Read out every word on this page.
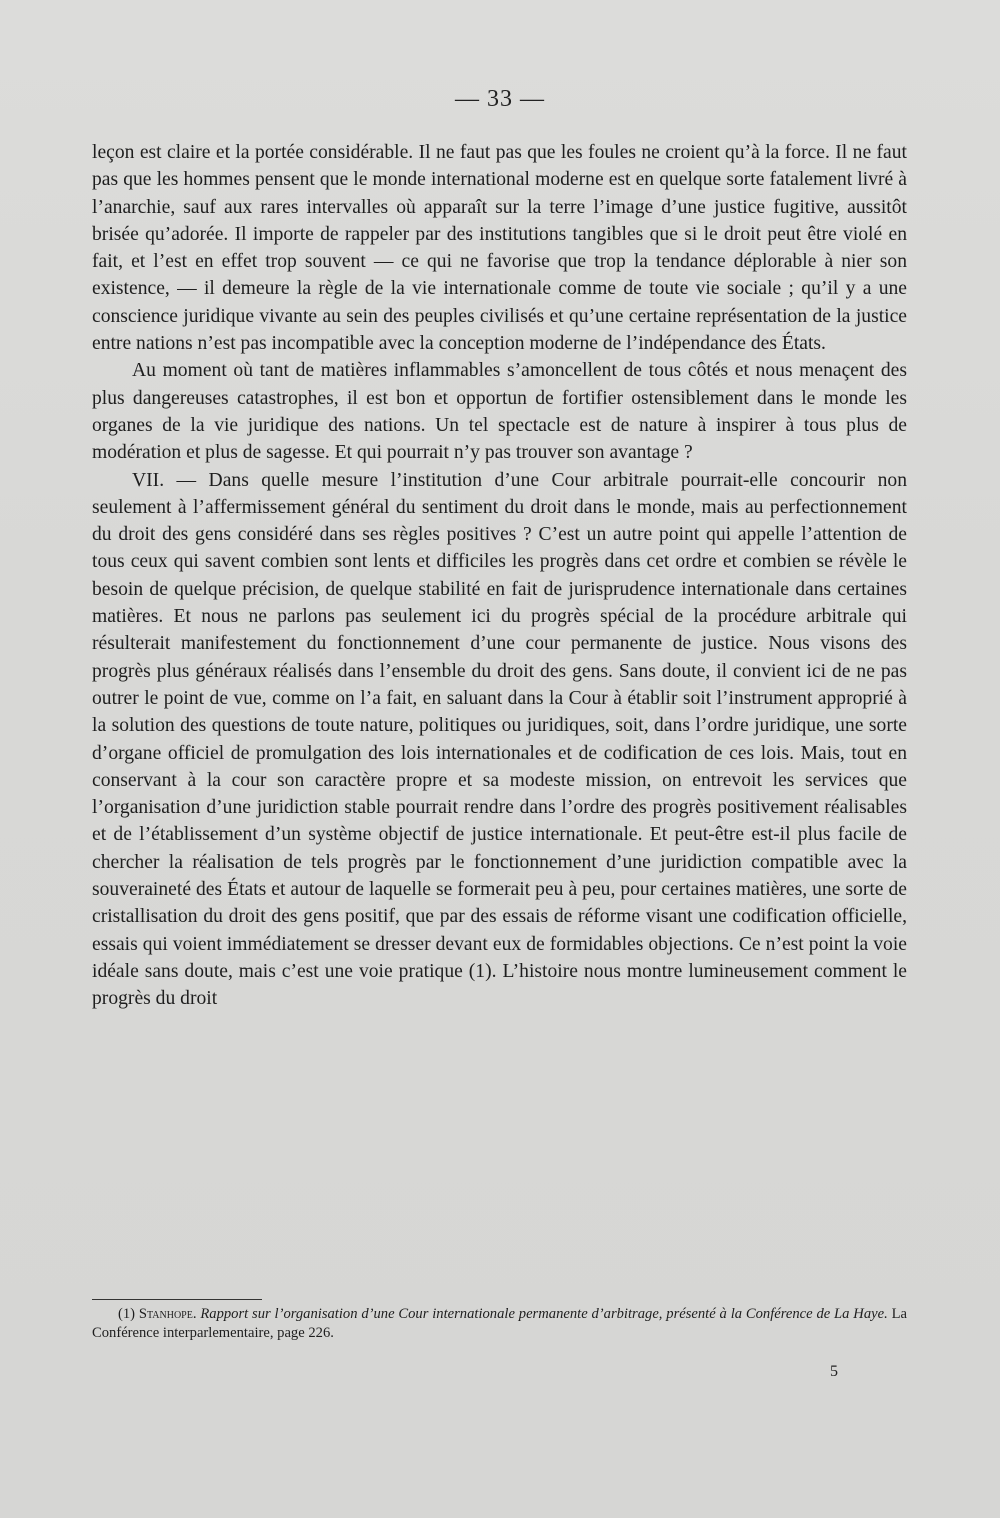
— 33 —

leçon est claire et la portée considérable. Il ne faut pas que les foules ne croient qu’à la force. Il ne faut pas que les hommes pensent que le monde international moderne est en quelque sorte fatalement livré à l’anarchie, sauf aux rares intervalles où apparaît sur la terre l’image d’une justice fugitive, aussitôt brisée qu’adorée. Il importe de rappeler par des institutions tangibles que si le droit peut être violé en fait, et l’est en effet trop souvent — ce qui ne favorise que trop la tendance déplorable à nier son existence, — il demeure la règle de la vie internationale comme de toute vie sociale ; qu’il y a une conscience juridique vivante au sein des peuples civilisés et qu’une certaine représentation de la justice entre nations n’est pas incompatible avec la conception moderne de l’indépendance des États.

Au moment où tant de matières inflammables s’amoncellent de tous côtés et nous menaçent des plus dangereuses catastrophes, il est bon et opportun de fortifier ostensiblement dans le monde les organes de la vie juridique des nations. Un tel spectacle est de nature à inspirer à tous plus de modération et plus de sagesse. Et qui pourrait n’y pas trouver son avantage ?

VII. — Dans quelle mesure l’institution d’une Cour arbitrale pourrait-elle concourir non seulement à l’affermissement général du sentiment du droit dans le monde, mais au perfectionnement du droit des gens considéré dans ses règles positives ? C’est un autre point qui appelle l’attention de tous ceux qui savent combien sont lents et difficiles les progrès dans cet ordre et combien se révèle le besoin de quelque précision, de quelque stabilité en fait de jurisprudence internationale dans certaines matières. Et nous ne parlons pas seulement ici du progrès spécial de la procédure arbitrale qui résulterait manifestement du fonctionnement d’une cour permanente de justice. Nous visons des progrès plus généraux réalisés dans l’ensemble du droit des gens. Sans doute, il convient ici de ne pas outrer le point de vue, comme on l’a fait, en saluant dans la Cour à établir soit l’instrument approprié à la solution des questions de toute nature, politiques ou juridiques, soit, dans l’ordre juridique, une sorte d’organe officiel de promulgation des lois internationales et de codification de ces lois. Mais, tout en conservant à la cour son caractère propre et sa modeste mission, on entrevoit les services que l’organisation d’une juridiction stable pourrait rendre dans l’ordre des progrès positivement réalisables et de l’établissement d’un système objectif de justice internationale. Et peut-être est-il plus facile de chercher la réalisation de tels progrès par le fonctionnement d’une juridiction compatible avec la souveraineté des États et autour de laquelle se formerait peu à peu, pour certaines matières, une sorte de cristallisation du droit des gens positif, que par des essais de réforme visant une codification officielle, essais qui voient immédiatement se dresser devant eux de formidables objections. Ce n’est point la voie idéale sans doute, mais c’est une voie pratique (1). L’histoire nous montre lumineusement comment le progrès du droit

(1) Stanhope. Rapport sur l’organisation d’une Cour internationale permanente d’arbitrage, présenté à la Conférence de La Haye. La Conférence interparlementaire, page 226.

5
